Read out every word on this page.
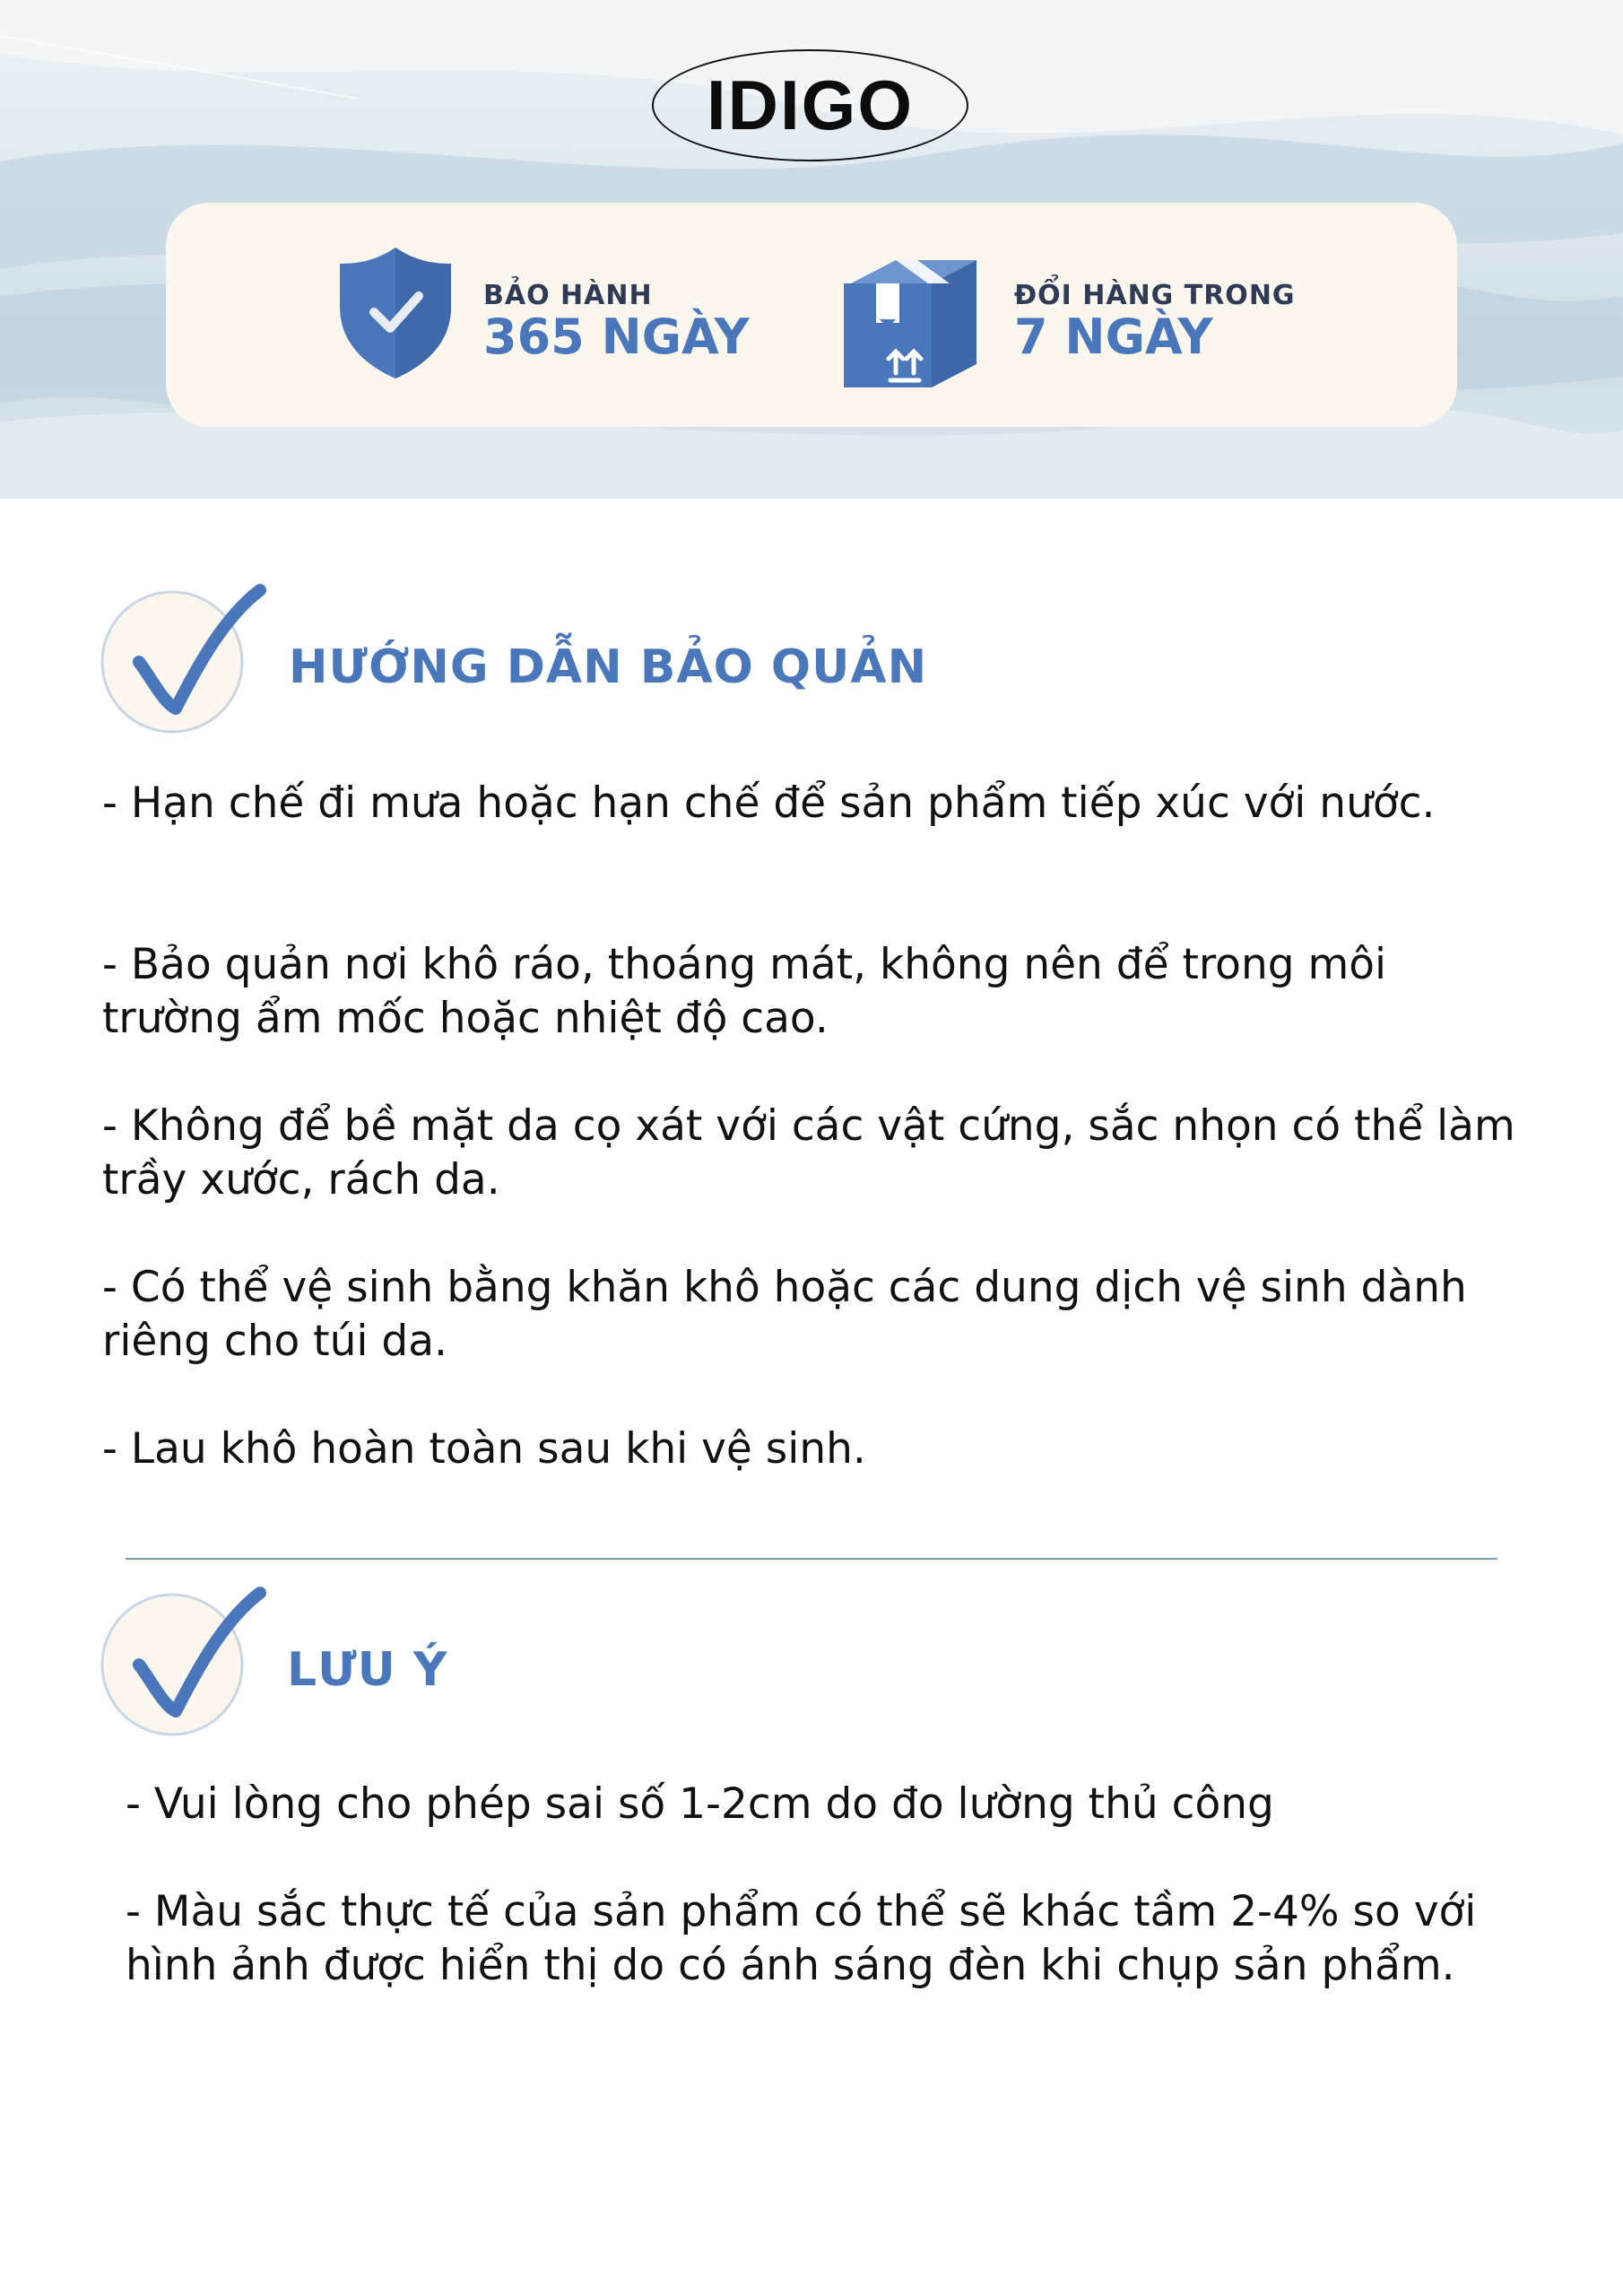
IDIGO
BẢO HÀNH
365 NGÀY
ĐỔI HÀNG TRONG
7 NGÀY
HƯỚNG DẪN BẢO QUẢN

- Hạn chế đi mưa hoặc hạn chế để sản phẩm tiếp xúc với nước.

- Bảo quản nơi khô ráo, thoáng mát, không nên để trong môi trường ẩm mốc hoặc nhiệt độ cao.

- Không để bề mặt da cọ xát với các vật cứng, sắc nhọn có thể làm trầy xước, rách da.

- Có thể vệ sinh bằng khăn khô hoặc các dung dịch vệ sinh dành riêng cho túi da.

- Lau khô hoàn toàn sau khi vệ sinh.

LƯU Ý

- Vui lòng cho phép sai số 1-2cm do đo lường thủ công

- Màu sắc thực tế của sản phẩm có thể sẽ khác tầm 2-4% so với hình ảnh được hiển thị do có ánh sáng đèn khi chụp sản phẩm.
